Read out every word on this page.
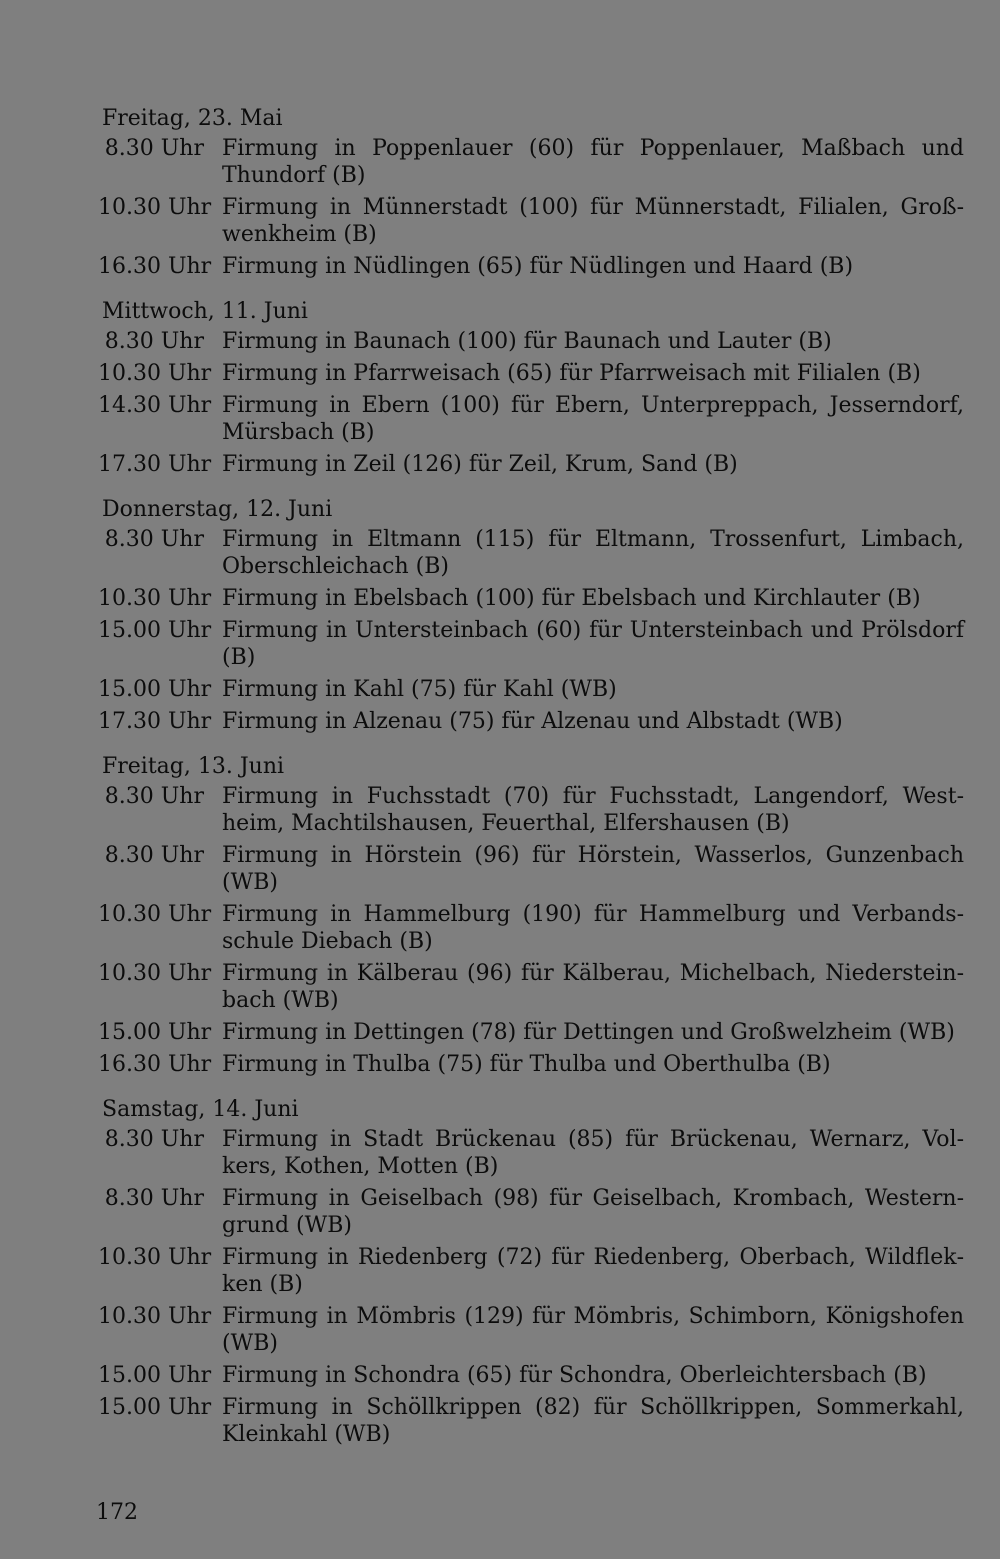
Freitag, 23. Mai
8.30 Uhr Firmung in Poppenlauer (60) für Poppenlauer, Maßbach und Thundorf (B)
10.30 Uhr Firmung in Münnerstadt (100) für Münnerstadt, Filialen, Großwenkheim (B)
16.30 Uhr Firmung in Nüdlingen (65) für Nüdlingen und Haard (B)
Mittwoch, 11. Juni
8.30 Uhr Firmung in Baunach (100) für Baunach und Lauter (B)
10.30 Uhr Firmung in Pfarrweisach (65) für Pfarrweisach mit Filialen (B)
14.30 Uhr Firmung in Ebern (100) für Ebern, Unterpreppach, Jesserndorf, Mürsbach (B)
17.30 Uhr Firmung in Zeil (126) für Zeil, Krum, Sand (B)
Donnerstag, 12. Juni
8.30 Uhr Firmung in Eltmann (115) für Eltmann, Trossenfurt, Limbach, Oberschleichach (B)
10.30 Uhr Firmung in Ebelsbach (100) für Ebelsbach und Kirchlauter (B)
15.00 Uhr Firmung in Untersteinbach (60) für Untersteinbach und Prölsdorf (B)
15.00 Uhr Firmung in Kahl (75) für Kahl (WB)
17.30 Uhr Firmung in Alzenau (75) für Alzenau und Albstadt (WB)
Freitag, 13. Juni
8.30 Uhr Firmung in Fuchsstadt (70) für Fuchsstadt, Langendorf, Westheim, Machtilshausen, Feuerthal, Elfershausen (B)
8.30 Uhr Firmung in Hörstein (96) für Hörstein, Wasserlos, Gunzenbach (WB)
10.30 Uhr Firmung in Hammelburg (190) für Hammelburg und Verbandsschule Diebach (B)
10.30 Uhr Firmung in Kälberau (96) für Kälberau, Michelbach, Niedersteinbach (WB)
15.00 Uhr Firmung in Dettingen (78) für Dettingen und Großwelzheim (WB)
16.30 Uhr Firmung in Thulba (75) für Thulba und Oberthulba (B)
Samstag, 14. Juni
8.30 Uhr Firmung in Stadt Brückenau (85) für Brückenau, Wernarz, Volkers, Kothen, Motten (B)
8.30 Uhr Firmung in Geiselbach (98) für Geiselbach, Krombach, Westerngrund (WB)
10.30 Uhr Firmung in Riedenberg (72) für Riedenberg, Oberbach, Wildflekken (B)
10.30 Uhr Firmung in Mömbris (129) für Mömbris, Schimborn, Königshofen (WB)
15.00 Uhr Firmung in Schondra (65) für Schondra, Oberleichtersbach (B)
15.00 Uhr Firmung in Schöllkrippen (82) für Schöllkrippen, Sommerkahl, Kleinkahl (WB)
172
